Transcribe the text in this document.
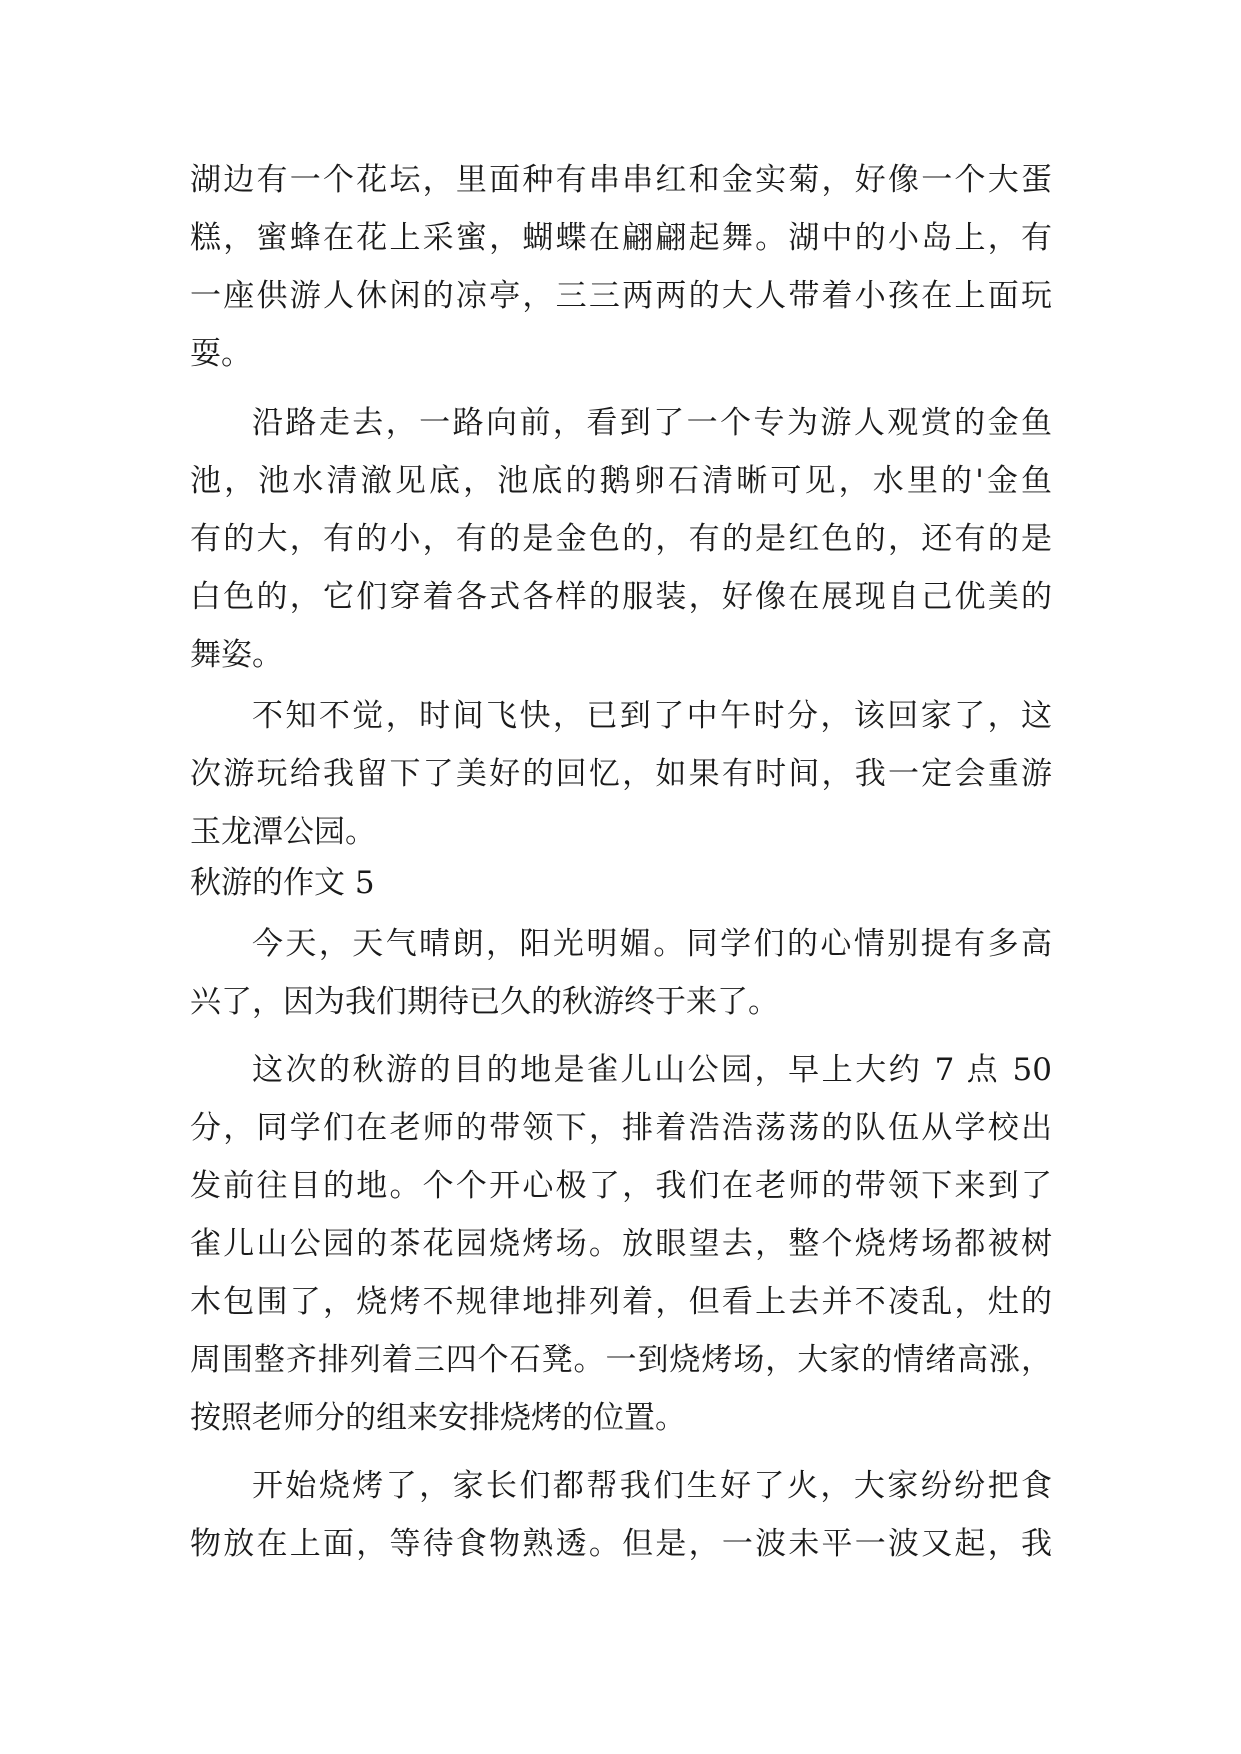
湖边有一个花坛，里面种有串串红和金实菊，好像一个大蛋
糕，蜜蜂在花上采蜜，蝴蝶在翩翩起舞。湖中的小岛上，有
一座供游人休闲的凉亭，三三两两的大人带着小孩在上面玩
耍。
沿路走去，一路向前，看到了一个专为游人观赏的金鱼
池，池水清澈见底，池底的鹅卵石清晰可见，水里的'金鱼
有的大，有的小，有的是金色的，有的是红色的，还有的是
白色的，它们穿着各式各样的服装，好像在展现自己优美的
舞姿。
不知不觉，时间飞快，已到了中午时分，该回家了，这
次游玩给我留下了美好的回忆，如果有时间，我一定会重游
玉龙潭公园。
秋游的作文 5
今天，天气晴朗，阳光明媚。同学们的心情别提有多高
兴了，因为我们期待已久的秋游终于来了。
这次的秋游的目的地是雀儿山公园，早上大约 7 点 50
分，同学们在老师的带领下，排着浩浩荡荡的队伍从学校出
发前往目的地。个个开心极了，我们在老师的带领下来到了
雀儿山公园的茶花园烧烤场。放眼望去，整个烧烤场都被树
木包围了，烧烤不规律地排列着，但看上去并不凌乱，灶的
周围整齐排列着三四个石凳。一到烧烤场，大家的情绪高涨，
按照老师分的组来安排烧烤的位置。
开始烧烤了，家长们都帮我们生好了火，大家纷纷把食
物放在上面，等待食物熟透。但是，一波未平一波又起，我
